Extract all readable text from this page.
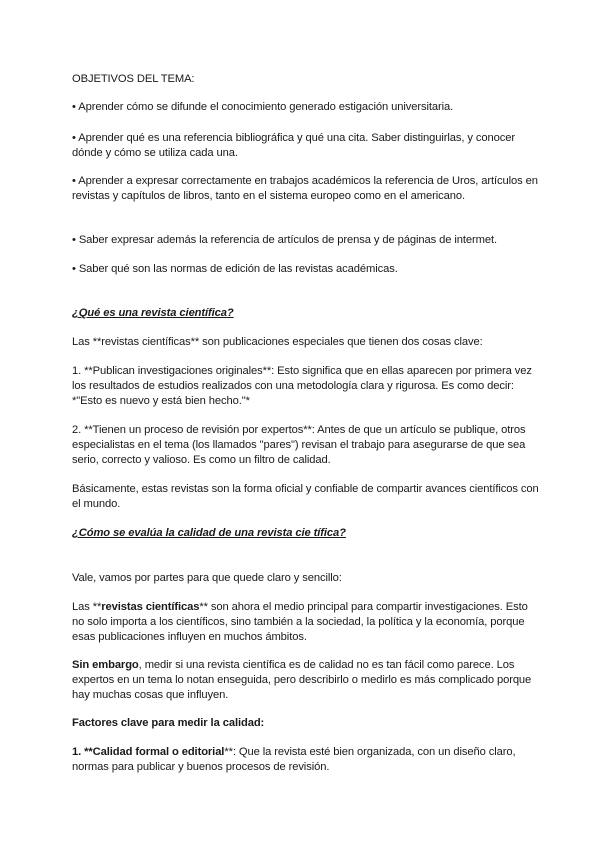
OBJETIVOS DEL TEMA:

• Aprender cómo se difunde el conocimiento generado estigación universitaria.

• Aprender qué es una referencia bibliográfica y qué una cita. Saber distinguirlas, y conocer dónde y cómo se utiliza cada una.

• Aprender a expresar correctamente en trabajos académicos la referencia de Uros, artículos en revistas y capítulos de libros, tanto en el sistema europeo como en el americano.

• Saber expresar además la referencia de artículos de prensa y de páginas de intermet.

• Saber qué son las normas de edición de las revistas académicas.

¿Qué es una revista científica?

Las **revistas científicas** son publicaciones especiales que tienen dos cosas clave:

1. **Publican investigaciones originales**: Esto significa que en ellas aparecen por primera vez los resultados de estudios realizados con una metodología clara y rigurosa. Es como decir: *"Esto es nuevo y está bien hecho."*

2. **Tienen un proceso de revisión por expertos**: Antes de que un artículo se publique, otros especialistas en el tema (los llamados "pares") revisan el trabajo para asegurarse de que sea serio, correcto y valioso. Es como un filtro de calidad.

Básicamente, estas revistas son la forma oficial y confiable de compartir avances científicos con el mundo.

¿Cómo se evalúa la calidad de una revista cie tífica?

Vale, vamos por partes para que quede claro y sencillo:

Las **revistas científicas** son ahora el medio principal para compartir investigaciones. Esto no solo importa a los científicos, sino también a la sociedad, la política y la economía, porque esas publicaciones influyen en muchos ámbitos.

Sin embargo, medir si una revista científica es de calidad no es tan fácil como parece. Los expertos en un tema lo notan enseguida, pero describirlo o medirlo es más complicado porque hay muchas cosas que influyen.

Factores clave para medir la calidad:

1. **Calidad formal o editorial**: Que la revista esté bien organizada, con un diseño claro, normas para publicar y buenos procesos de revisión.
